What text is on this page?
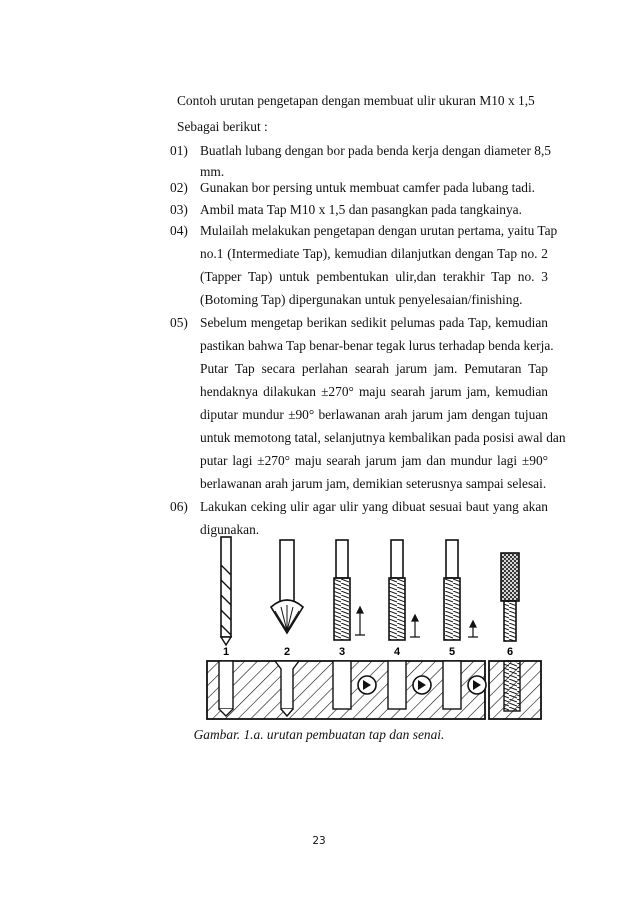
Contoh urutan pengetapan dengan membuat ulir ukuran M10 x 1,5
Sebagai berikut :
01) Buatlah lubang dengan bor pada benda kerja dengan diameter 8,5
mm.
02) Gunakan bor persing untuk membuat camfer pada lubang tadi.
03) Ambil mata Tap M10 x 1,5 dan pasangkan pada tangkainya.
04) Mulailah melakukan pengetapan dengan urutan pertama, yaitu Tap
no.1 (Intermediate Tap), kemudian dilanjutkan dengan Tap no. 2
(Tapper Tap) untuk pembentukan ulir,dan terakhir Tap no. 3
(Botoming Tap) dipergunakan untuk penyelesaian/finishing.
05) Sebelum mengetap berikan sedikit pelumas pada Tap, kemudian
pastikan bahwa Tap benar-benar tegak lurus terhadap benda kerja.
Putar Tap secara perlahan searah jarum jam. Pemutaran Tap
hendaknya dilakukan ±270° maju searah jarum jam, kemudian
diputar mundur ±90° berlawanan arah jarum jam dengan tujuan
untuk memotong tatal, selanjutnya kembalikan pada posisi awal dan
putar lagi ±270° maju searah jarum jam dan mundur lagi ±90°
berlawanan arah jarum jam, demikian seterusnya sampai selesai.
06) Lakukan ceking ulir agar ulir yang dibuat sesuai baut yang akan
digunakan.
1	2	3	4	5	6
Gambar. 1.a. urutan pembuatan tap dan senai.
23
